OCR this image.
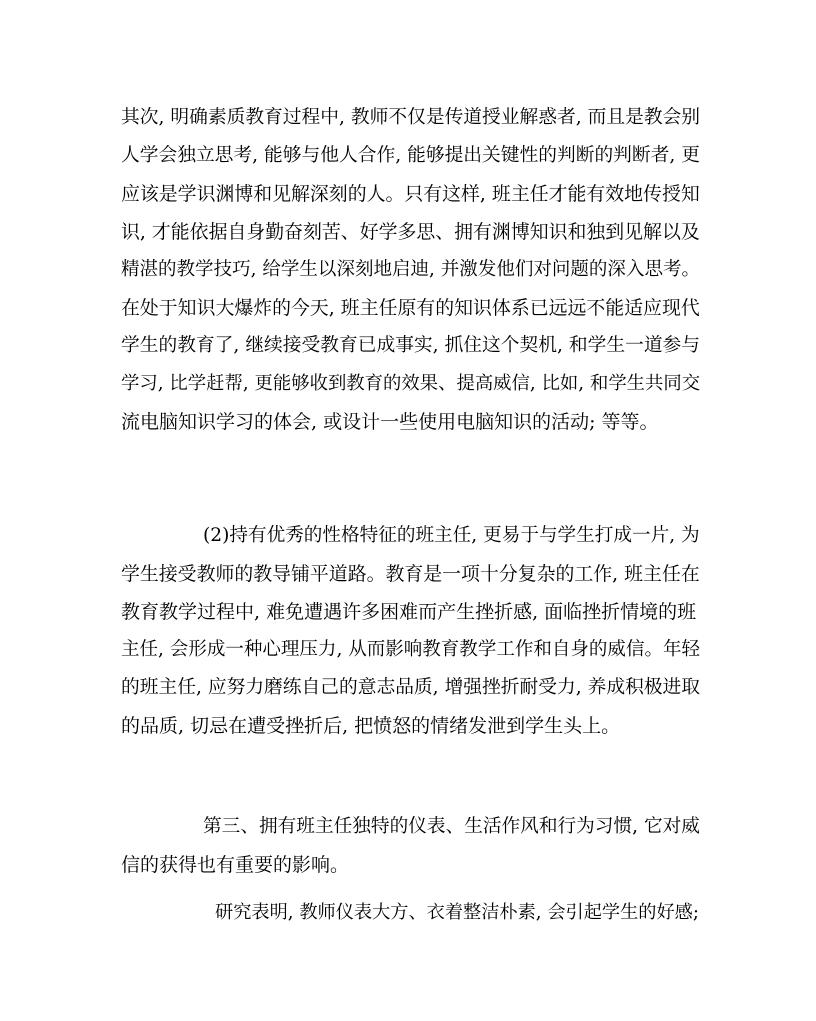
其次, 明确素质教育过程中, 教师不仅是传道授业解惑者, 而且是教会别
人学会独立思考, 能够与他人合作, 能够提出关键性的判断的判断者, 更
应该是学识渊博和见解深刻的人。只有这样, 班主任才能有效地传授知
识, 才能依据自身勤奋刻苦、好学多思、拥有渊博知识和独到见解以及
精湛的教学技巧, 给学生以深刻地启迪, 并激发他们对问题的深入思考。
在处于知识大爆炸的今天, 班主任原有的知识体系已远远不能适应现代
学生的教育了, 继续接受教育已成事实, 抓住这个契机, 和学生一道参与
学习, 比学赶帮, 更能够收到教育的效果、提高威信, 比如, 和学生共同交
流电脑知识学习的体会, 或设计一些使用电脑知识的活动; 等等。
(2)持有优秀的性格特征的班主任, 更易于与学生打成一片, 为
学生接受教师的教导铺平道路。教育是一项十分复杂的工作, 班主任在
教育教学过程中, 难免遭遇许多困难而产生挫折感, 面临挫折情境的班
主任, 会形成一种心理压力, 从而影响教育教学工作和自身的威信。年轻
的班主任, 应努力磨练自己的意志品质, 增强挫折耐受力, 养成积极进取
的品质, 切忌在遭受挫折后, 把愤怒的情绪发泄到学生头上。
第三、拥有班主任独特的仪表、生活作风和行为习惯, 它对威
信的获得也有重要的影响。
研究表明, 教师仪表大方、衣着整洁朴素, 会引起学生的好感;
